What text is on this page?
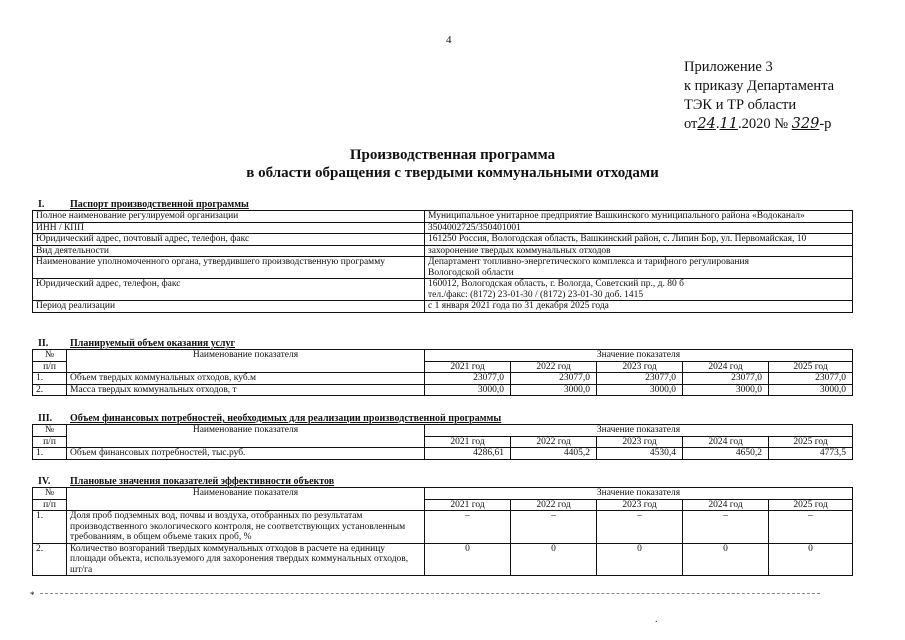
4
Приложение 3
к приказу Департамента
ТЭК и ТР области
от24.11.2020 № 329-р
Производственная программа
в области обращения с твердыми коммунальными отходами
I.	Паспорт производственной программы
Полное наименование регулируемой организации	Муниципальное унитарное предприятие Вашкинского муниципального района «Водоканал»

ИНН / КПП	3504002725/350401001

Юридический адрес, почтовый адрес, телефон, факс	161250 Россия, Вологодская область, Вашкинский район, с. Липин Бор, ул. Первомайская, 10

Вид деятельности	захоронение твердых коммунальных отходов

Наименование уполномоченного органа, утвердившего производственную программу	Департамент топливно-энергетического комплекса и тарифного регулирования
Вологодской области

Юридический адрес, телефон, факс	160012, Вологодская область, г. Вологда, Советский пр., д. 80 б
тел./факс: (8172) 23-01-30 / (8172) 23-01-30 доб. 1415

Период реализации	с 1 января 2021 года по 31 декабря 2025 года
II. Планируемый объем оказания услуг
№	Наименование показателя	Значение показателя				
п/п		2021 год	2022 год	2023 год	2024 год	2025 год
1.	Объем твердых коммунальных отходов, куб.м	23077,0	23077,0	23077,0	23077,0	23077,0
2.	Масса твердых коммунальных отходов, т	3000,0	3000,0	3000,0	3000,0	3000,0
III. Объем финансовых потребностей, необходимых для реализации производственной программы
№	Наименование показателя	Значение показателя				
п/п		2021 год	2022 год	2023 год	2024 год	2025 год
1.	Объем финансовых потребностей, тыс.руб.	4286,61	4405,2	4530,4	4650,2	4773,5
IV. Плановые значения показателей эффективности объектов
№	Наименование показателя	Значение показателя				
п/п		2021 год	2022 год	2023 год	2024 год	2025 год
1.	Доля проб подземных вод, почвы и воздуха, отобранных по результатам производственного экологического контроля, не соответствующих установленным требованиям, в общем объеме таких проб, %	–	–	–	–	–
2.	Количество возгораний твердых коммунальных отходов в расчете на единицу площади объекта, используемого для захоронения твердых коммунальных отходов, шт/га	0	0	0	0	0
*
.
